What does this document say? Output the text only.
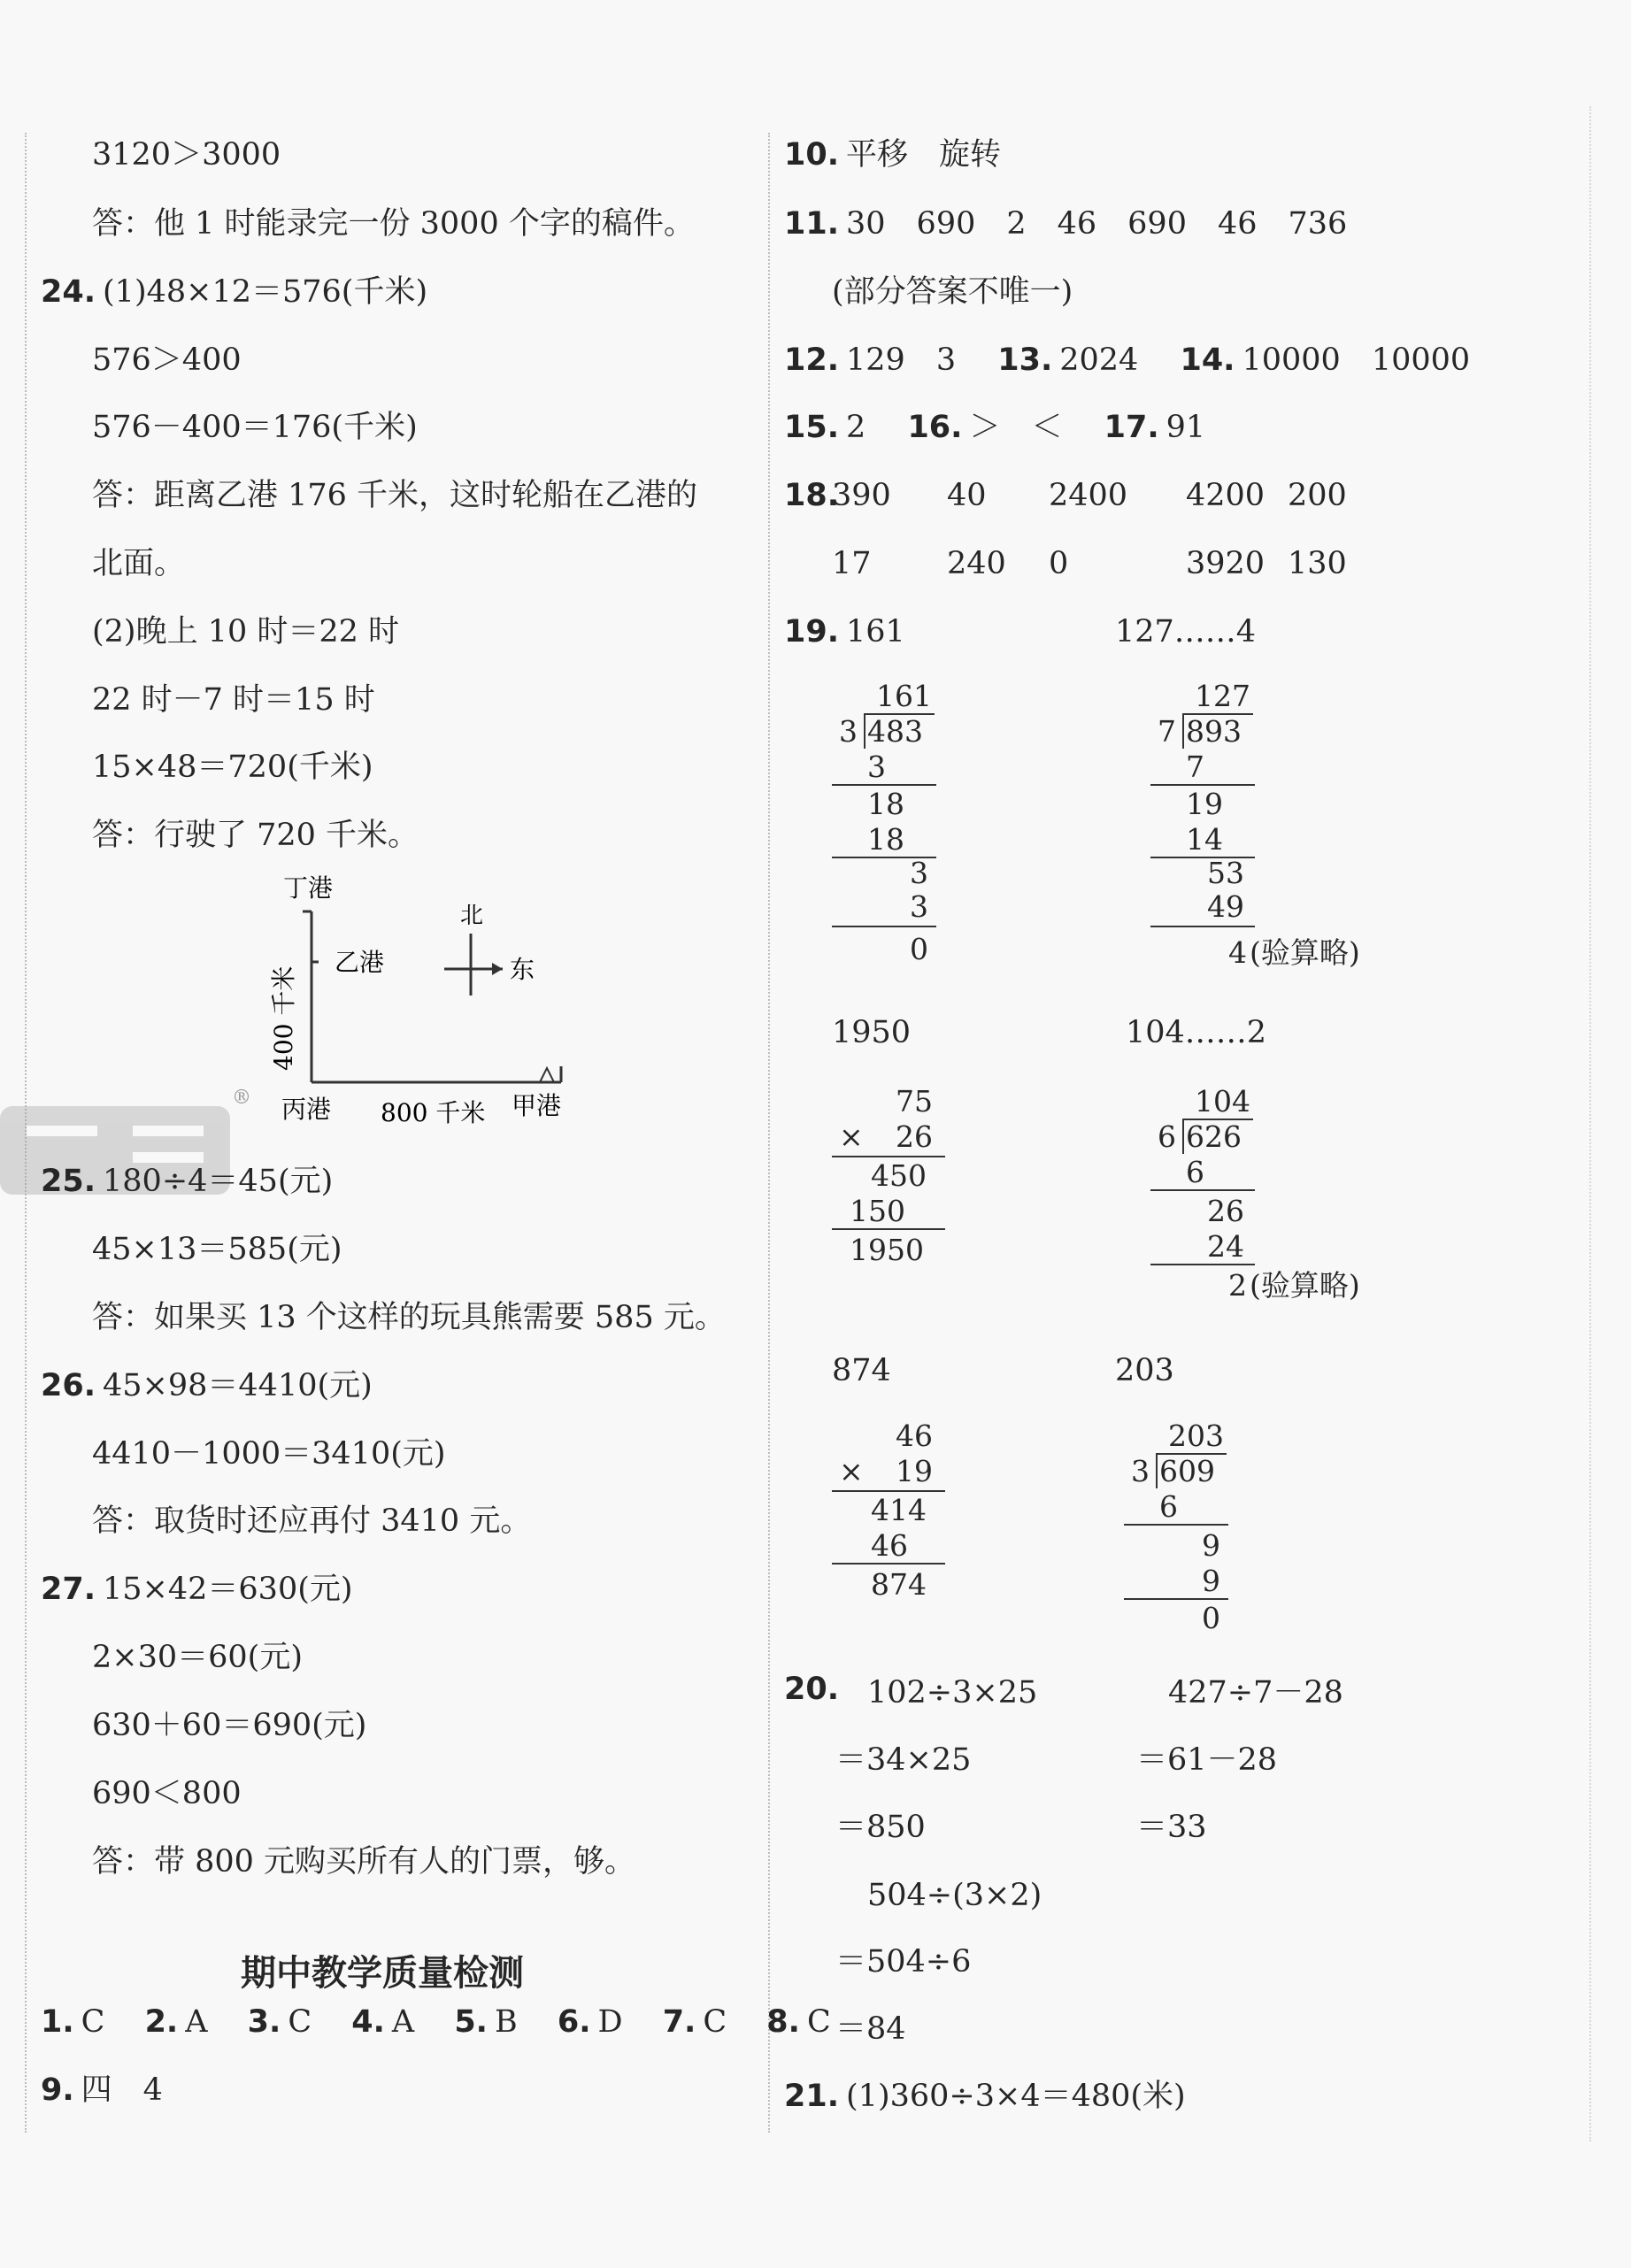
3120＞3000
答：他 1 时能录完一份 3000 个字的稿件。
24. (1)48×12＝576(千米)
576＞400
576－400＝176(千米)
答：距离乙港 176 千米，这时轮船在乙港的
北面。
(2)晚上 10 时＝22 时
22 时－7 时＝15 时
15×48＝720(千米)
答：行驶了 720 千米。
丁港
乙港
丙港 800 千米 甲港
400 千米
北
东
®
25. 180÷4＝45(元)
45×13＝585(元)
答：如果买 13 个这样的玩具熊需要 585 元。
26. 45×98＝4410(元)
4410－1000＝3410(元)
答：取货时还应再付 3410 元。
27. 15×42＝630(元)
2×30＝60(元)
630＋60＝690(元)
690＜800
答：带 800 元购买所有人的门票，够。
期中教学质量检测
1. C 2. A 3. C 4. A 5. B 6. D 7. C 8. C
9. 四　4
10. 平移　旋转
11. 30　690　2　46　690　46　736
(部分答案不唯一)
12. 129　3 13. 2024 14. 10000　10000
15. 2 16. ＞　＜ 17. 91
18.
390 40 2400 4200 200
17 240 0	3920 130
19. 161	127……4
161
3 483
3
18
18
3
3
0
127
7 893
7
19
14
53
49
4 (验算略)
1950	104……2
75
× 26
450
150
1950
104
6 626
6
26
24
2 (验算略)
874	203
46
× 19
414
46
874
203
3 609
6
9
9
0
20. 102÷3×25
＝34×25
＝850
427÷7－28
＝61－28
＝33
504÷(3×2)
＝504÷6
＝84
21. (1)360÷3×4＝480(米)
